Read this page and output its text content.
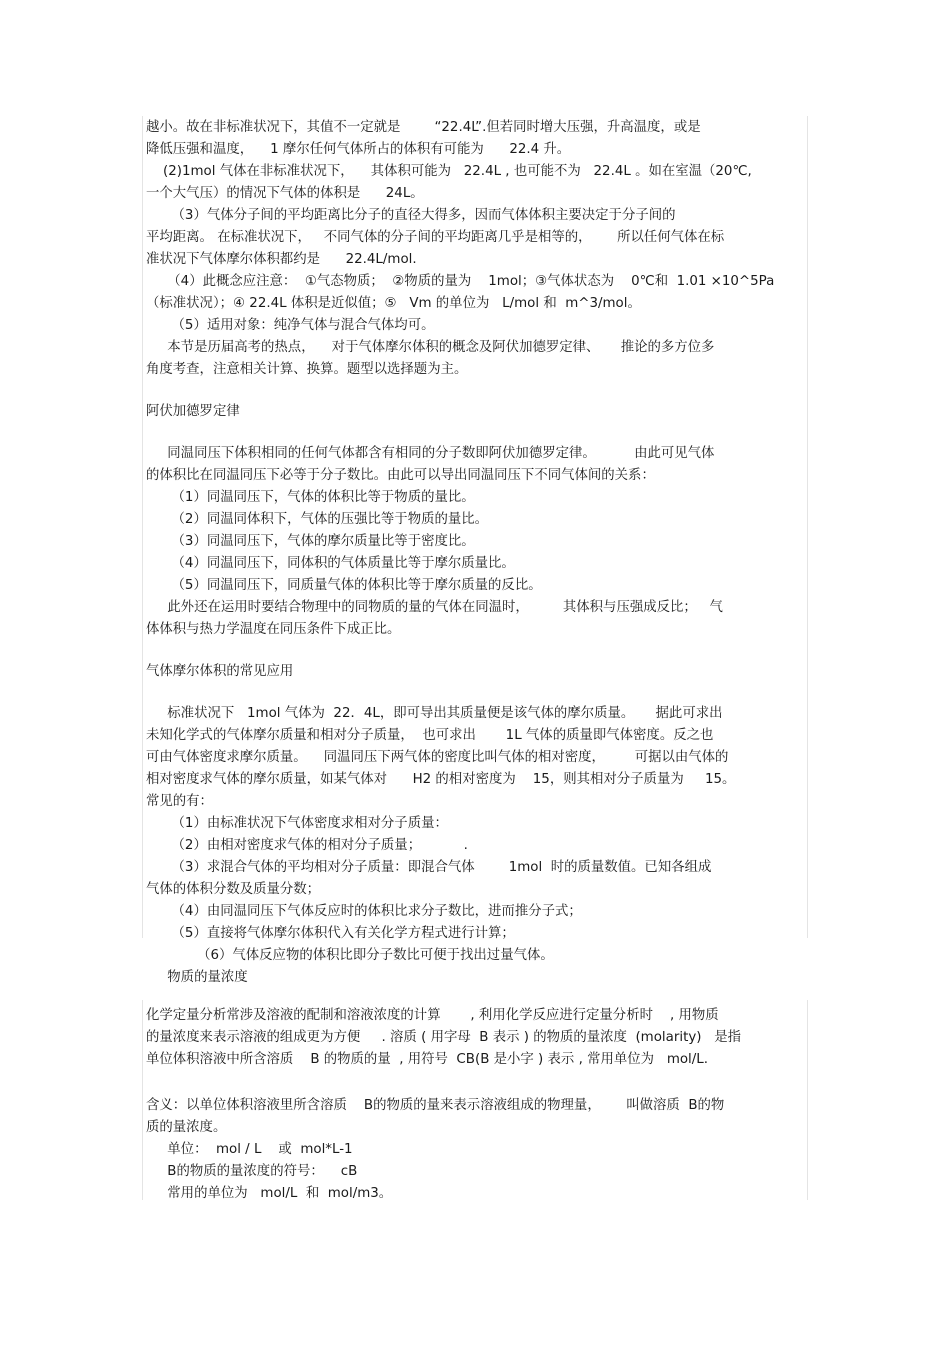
越小。故在非标准状况下，其值不一定就是        “22.4L”.但若同时增大压强，升高温度，或是
降低压强和温度，    1 摩尔任何气体所占的体积有可能为      22.4 升。
(2)1mol 气体在非标准状况下，    其体积可能为   22.4L , 也可能不为   22.4L 。如在室温（20℃,
一个大气压）的情况下气体的体积是      24L。
（3）气体分子间的平均距离比分子的直径大得多，因而气体体积主要决定于分子间的
平均距离。 在标准状况下，   不同气体的分子间的平均距离几乎是相等的，      所以任何气体在标
准状况下气体摩尔体积都约是      22.4L/mol.
（4）此概念应注意：  ①气态物质；  ②物质的量为    1mol；③气体状态为    0℃和  1.01 ×10^5Pa
（标准状况）；④ 22.4L 体积是近似值；⑤   Vm 的单位为   L/mol 和  m^3/mol。
（5）适用对象：纯净气体与混合气体均可。
本节是历届高考的热点，    对于气体摩尔体积的概念及阿伏加德罗定律、     推论的多方位多
角度考查，注意相关计算、换算。题型以选择题为主。
阿伏加德罗定律
同温同压下体积相同的任何气体都含有相同的分子数即阿伏加德罗定律。         由此可见气体
的体积比在同温同压下必等于分子数比。由此可以导出同温同压下不同气体间的关系：
（1）同温同压下，气体的体积比等于物质的量比。
（2）同温同体积下，气体的压强比等于物质的量比。
（3）同温同压下，气体的摩尔质量比等于密度比。
（4）同温同压下，同体积的气体质量比等于摩尔质量比。
（5）同温同压下，同质量气体的体积比等于摩尔质量的反比。
此外还在运用时要结合物理中的同物质的量的气体在同温时，        其体积与压强成反比；   气
体体积与热力学温度在同压条件下成正比。
气体摩尔体积的常见应用
标准状况下   1mol 气体为  22．4L，即可导出其质量便是该气体的摩尔质量。     据此可求出
未知化学式的气体摩尔质量和相对分子质量，  也可求出       1L 气体的质量即气体密度。反之也
可由气体密度求摩尔质量。    同温同压下两气体的密度比叫气体的相对密度，       可据以由气体的
相对密度求气体的摩尔质量，如某气体对      H2 的相对密度为    15，则其相对分子质量为     15。
常见的有：
（1）由标准状况下气体密度求相对分子质量：
（2）由相对密度求气体的相对分子质量；          .
（3）求混合气体的平均相对分子质量：即混合气体        1mol  时的质量数值。已知各组成
气体的体积分数及质量分数；
（4）由同温同压下气体反应时的体积比求分子数比，进而推分子式；
（5）直接将气体摩尔体积代入有关化学方程式进行计算；
（6）气体反应物的体积比即分子数比可便于找出过量气体。
物质的量浓度
化学定量分析常涉及溶液的配制和溶液浓度的计算       , 利用化学反应进行定量分析时    , 用物质
的量浓度来表示溶液的组成更为方便     . 溶质 ( 用字母  B 表示 ) 的物质的量浓度  (molarity)   是指
单位体积溶液中所含溶质    B 的物质的量  , 用符号  CB(B 是小字 ) 表示 , 常用单位为   mol/L.
含义：以单位体积溶液里所含溶质    B的物质的量来表示溶液组成的物理量，      叫做溶质  B的物
质的量浓度。
单位：  mol / L    或  mol*L-1
B的物质的量浓度的符号：    cB
常用的单位为   mol/L  和  mol/m3。
